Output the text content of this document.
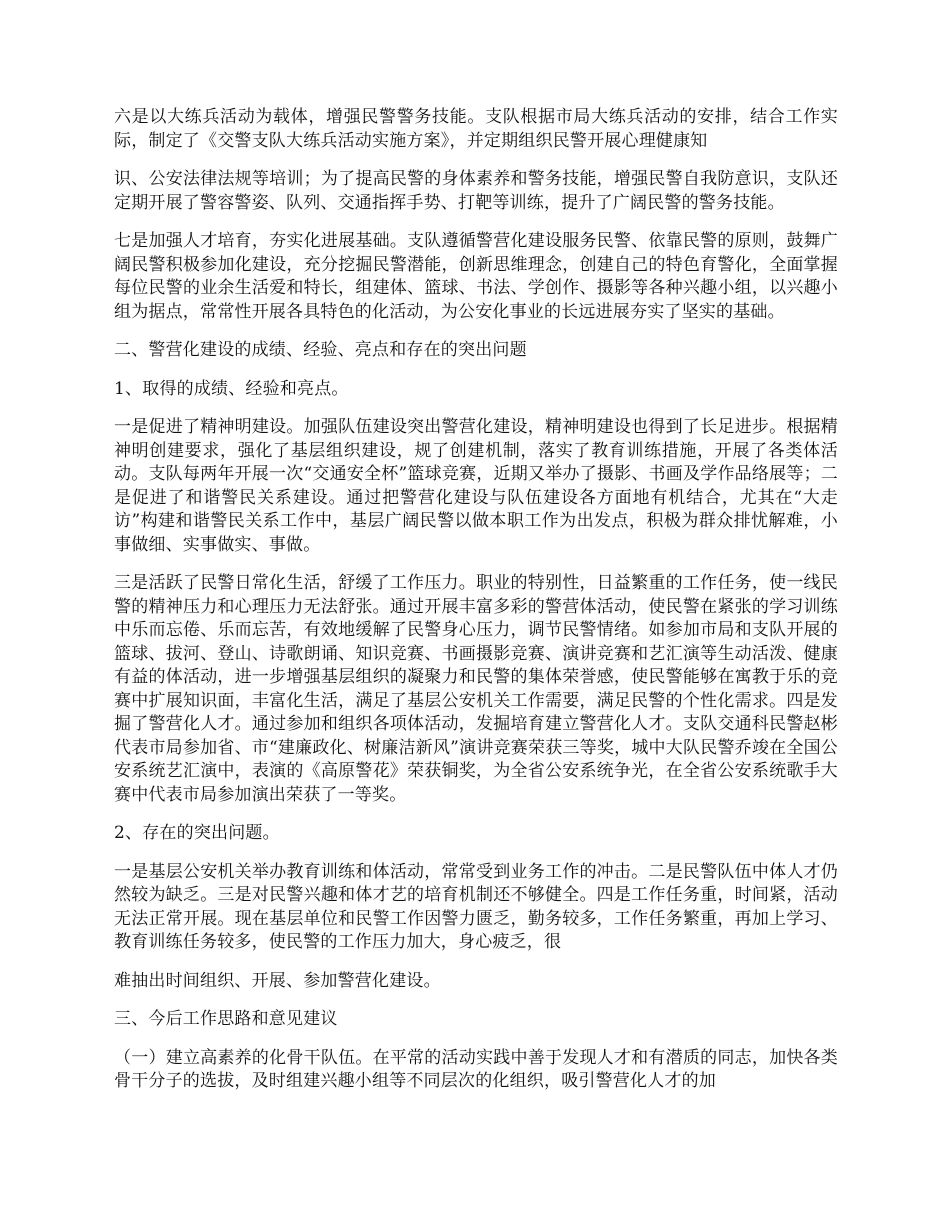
六是以大练兵活动为载体，增强民警警务技能。支队根据市局大练兵活动的安排，结合工作实际，制定了《交警支队大练兵活动实施方案》，并定期组织民警开展心理健康知

识、公安法律法规等培训；为了提高民警的身体素养和警务技能，增强民警自我防意识，支队还定期开展了警容警姿、队列、交通指挥手势、打靶等训练，提升了广阔民警的警务技能。

七是加强人才培育，夯实化进展基础。支队遵循警营化建设服务民警、依靠民警的原则，鼓舞广阔民警积极参加化建设，充分挖掘民警潜能，创新思维理念，创建自己的特色育警化，全面掌握每位民警的业余生活爱和特长，组建体、篮球、书法、学创作、摄影等各种兴趣小组，以兴趣小组为据点，常常性开展各具特色的化活动，为公安化事业的长远进展夯实了坚实的基础。

二、警营化建设的成绩、经验、亮点和存在的突出问题

1、取得的成绩、经验和亮点。

一是促进了精神明建设。加强队伍建设突出警营化建设，精神明建设也得到了长足进步。根据精神明创建要求，强化了基层组织建设，规了创建机制，落实了教育训练措施，开展了各类体活动。支队每两年开展一次“交通安全杯”篮球竞赛，近期又举办了摄影、书画及学作品络展等；二是促进了和谐警民关系建设。通过把警营化建设与队伍建设各方面地有机结合，尤其在“大走访”构建和谐警民关系工作中，基层广阔民警以做本职工作为出发点，积极为群众排忧解难，小事做细、实事做实、事做。

三是活跃了民警日常化生活，舒缓了工作压力。职业的特别性，日益繁重的工作任务，使一线民警的精神压力和心理压力无法舒张。通过开展丰富多彩的警营体活动，使民警在紧张的学习训练中乐而忘倦、乐而忘苦，有效地缓解了民警身心压力，调节民警情绪。如参加市局和支队开展的篮球、拔河、登山、诗歌朗诵、知识竞赛、书画摄影竞赛、演讲竞赛和艺汇演等生动活泼、健康有益的体活动，进一步增强基层组织的凝聚力和民警的集体荣誉感，使民警能够在寓教于乐的竞赛中扩展知识面，丰富化生活，满足了基层公安机关工作需要，满足民警的个性化需求。四是发掘了警营化人才。通过参加和组织各项体活动，发掘培育建立警营化人才。支队交通科民警赵彬代表市局参加省、市“建廉政化、树廉洁新风”演讲竞赛荣获三等奖，城中大队民警乔竣在全国公安系统艺汇演中，表演的《高原警花》荣获铜奖，为全省公安系统争光，在全省公安系统歌手大赛中代表市局参加演出荣获了一等奖。

2、存在的突出问题。

一是基层公安机关举办教育训练和体活动，常常受到业务工作的冲击。二是民警队伍中体人才仍然较为缺乏。三是对民警兴趣和体才艺的培育机制还不够健全。四是工作任务重，时间紧，活动无法正常开展。现在基层单位和民警工作因警力匮乏，勤务较多，工作任务繁重，再加上学习、教育训练任务较多，使民警的工作压力加大，身心疲乏，很

难抽出时间组织、开展、参加警营化建设。

三、今后工作思路和意见建议

（一）建立高素养的化骨干队伍。在平常的活动实践中善于发现人才和有潜质的同志，加快各类骨干分子的选拔，及时组建兴趣小组等不同层次的化组织，吸引警营化人才的加
